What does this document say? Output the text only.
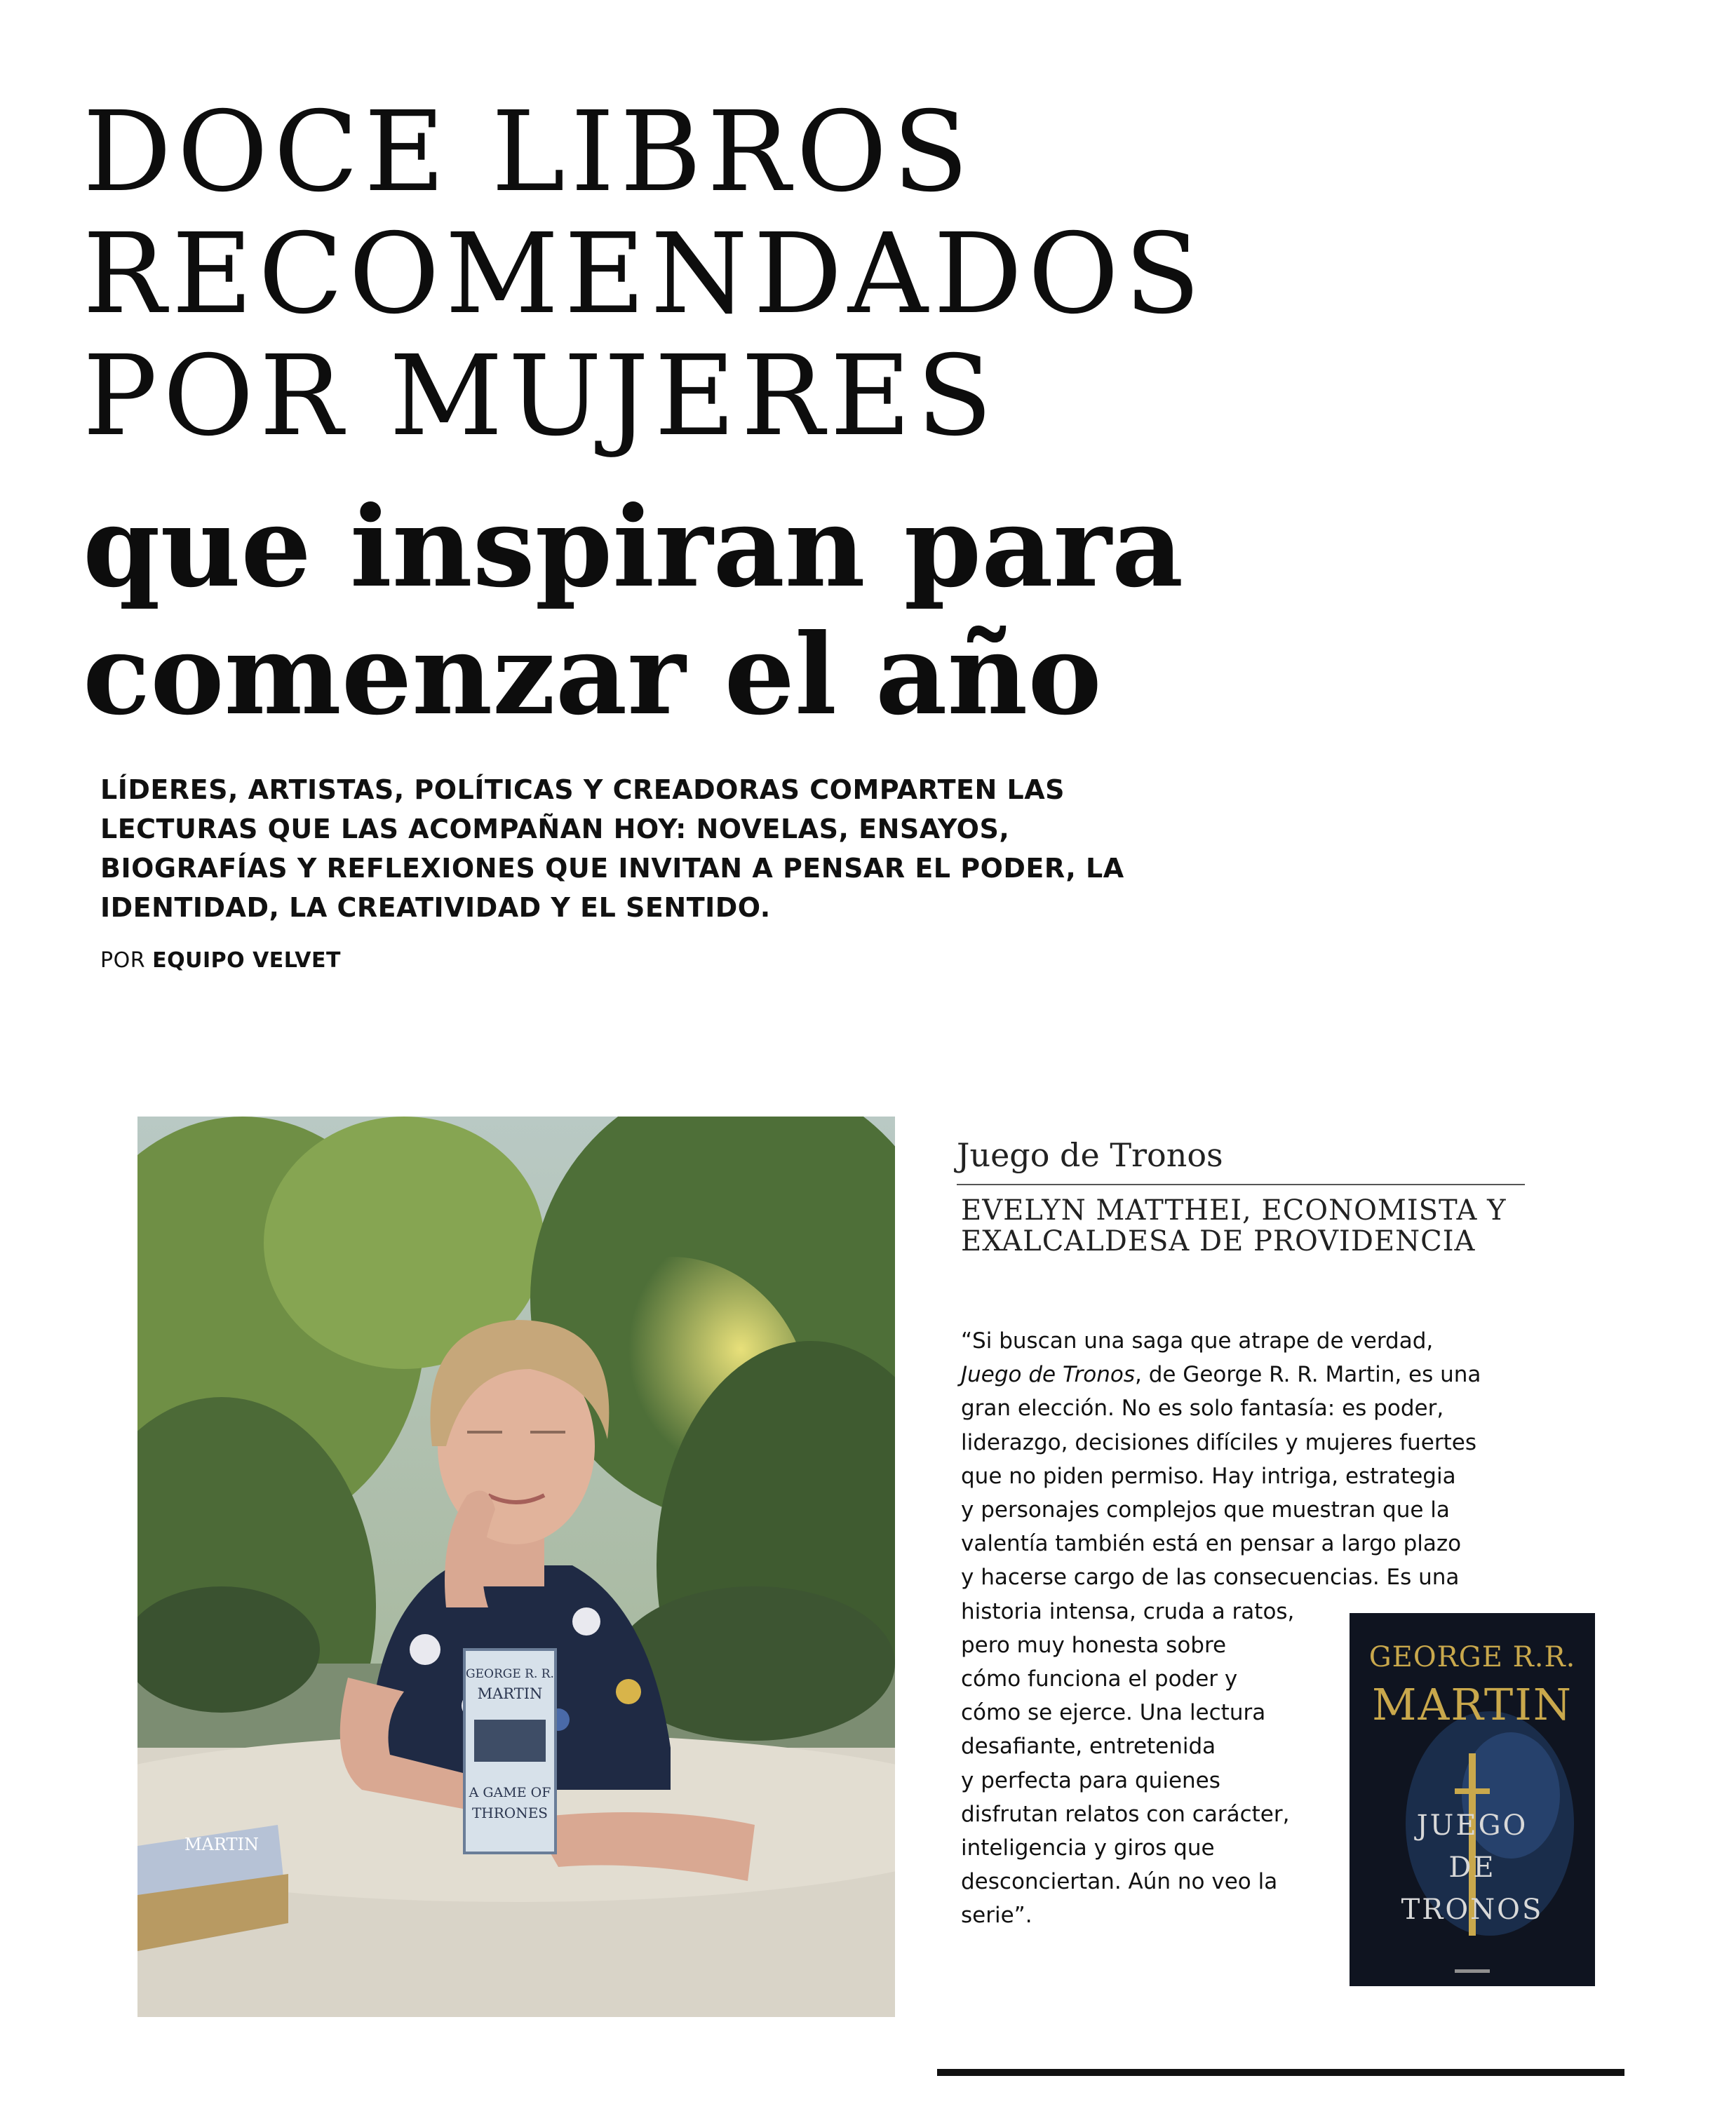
DOCE LIBROS
RECOMENDADOS
POR MUJERES
que inspiran para
comenzar el año

LÍDERES, ARTISTAS, POLÍTICAS Y CREADORAS COMPARTEN LAS LECTURAS QUE LAS ACOMPAÑAN HOY: NOVELAS, ENSAYOS, BIOGRAFÍAS Y REFLEXIONES QUE INVITAN A PENSAR EL PODER, LA IDENTIDAD, LA CREATIVIDAD Y EL SENTIDO.

POR EQUIPO VELVET
GEORGE R. R.
MARTIN
A GAME OF
THRONES
MARTIN
Juego de Tronos

EVELYN MATTHEI, ECONOMISTA Y EXALCALDESA DE PROVIDENCIA

“Si buscan una saga que atrape de verdad,
Juego de Tronos, de George R. R. Martin, es una
gran elección. No es solo fantasía: es poder,
liderazgo, decisiones difíciles y mujeres fuertes
que no piden permiso. Hay intriga, estrategia
y personajes complejos que muestran que la
valentía también está en pensar a largo plazo
y hacerse cargo de las consecuencias. Es una
historia intensa, cruda a ratos,
pero muy honesta sobre
cómo funciona el poder y
cómo se ejerce. Una lectura
desafiante, entretenida
y perfecta para quienes
disfrutan relatos con carácter,
inteligencia y giros que
desconciertan. Aún no veo la
serie”.
GEORGE R.R.
MARTIN
JUEGO
DE
TRONOS
